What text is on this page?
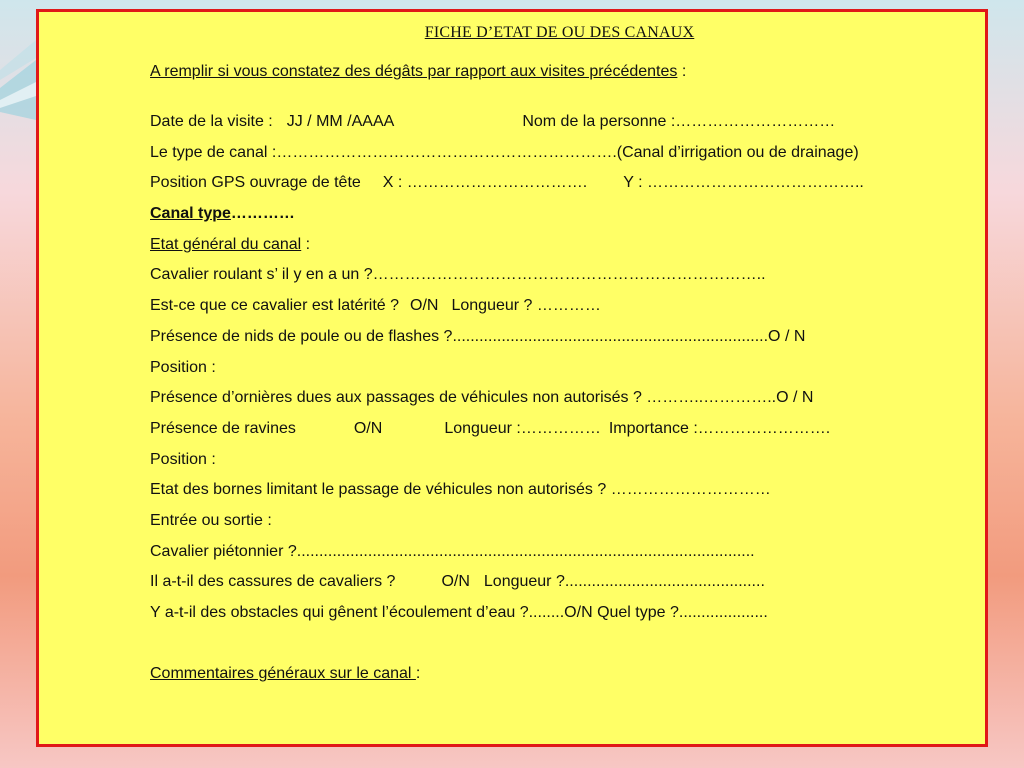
FICHE D’ETAT DE OU DES CANAUX
A remplir si vous constatez des dégâts par rapport aux visites précédentes :
Date de la visite : JJ / MM /AAAA	Nom de la personne :…………………………
Le type de canal :……………………………………………………….(Canal d’irrigation ou de drainage)
Position GPS ouvrage de tête X : ……………………………. Y : …………………………………..
Canal type…………
Etat général du canal :
Cavalier roulant s’ il y en a un ?………………………………………………………………..
Est-ce que ce cavalier est latérité ? O/N Longueur ? …………
Présence de nids de poule ou de flashes ?.......................................................................O / N
Position :
Présence d’ornières dues aux passages de véhicules non autorisés ? ………..…………..O / N
Présence de ravines	O/N	Longueur :…………… Importance :…………………….
Position :
Etat des bornes limitant le passage de véhicules non autorisés ? …………………………
Entrée ou sortie :
Cavalier piétonnier ?.......................................................................................................
Il a-t-il des cassures de cavaliers ?	O/N Longueur ?.............................................
Y a-t-il des obstacles qui gênent l’écoulement d’eau ?........O/N Quel type ?....................
Commentaires généraux sur le canal :
